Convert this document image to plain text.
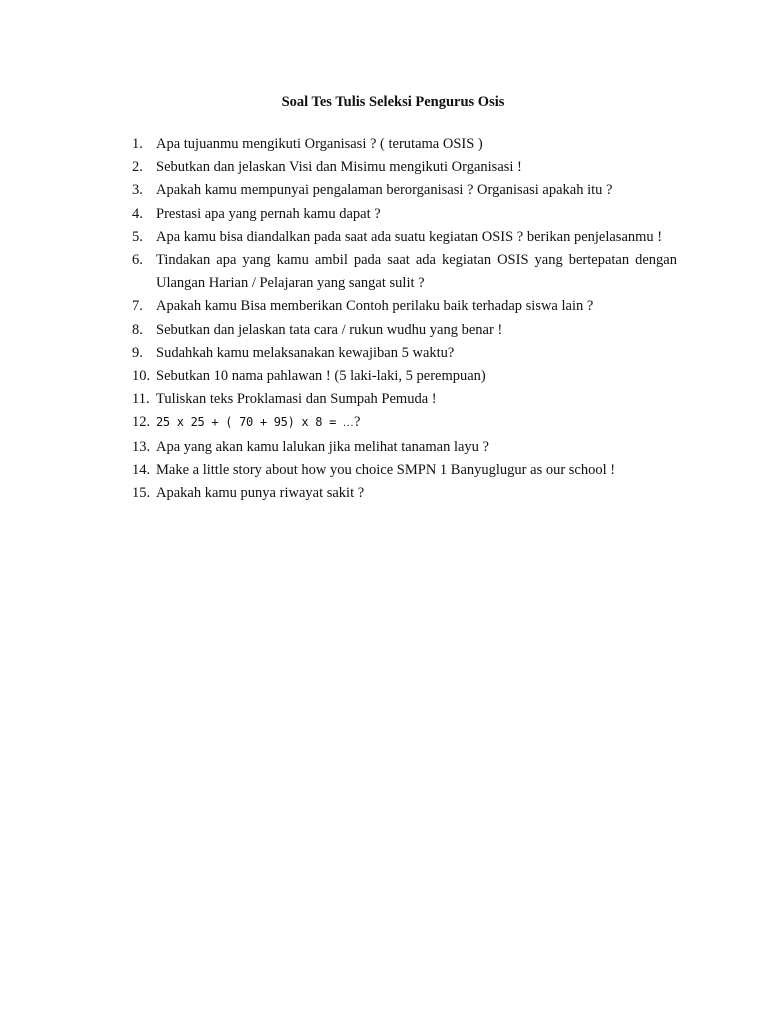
Soal Tes Tulis Seleksi Pengurus Osis
1. Apa tujuanmu mengikuti Organisasi ? ( terutama OSIS )
2. Sebutkan dan jelaskan Visi dan Misimu mengikuti Organisasi !
3. Apakah kamu mempunyai pengalaman berorganisasi ? Organisasi apakah itu ?
4. Prestasi apa yang pernah kamu dapat ?
5. Apa kamu bisa diandalkan pada saat ada suatu kegiatan OSIS ? berikan penjelasanmu !
6. Tindakan apa yang kamu ambil pada saat ada kegiatan OSIS yang bertepatan dengan Ulangan Harian / Pelajaran yang sangat sulit ?
7. Apakah kamu Bisa memberikan Contoh perilaku baik terhadap siswa lain ?
8. Sebutkan dan jelaskan tata cara / rukun wudhu yang benar !
9. Sudahkah kamu melaksanakan kewajiban 5 waktu?
10. Sebutkan 10 nama pahlawan ! (5 laki-laki, 5 perempuan)
11. Tuliskan teks Proklamasi dan Sumpah Pemuda !
12. 25 x 25 + ( 70 + 95) x 8 = ...?
13. Apa yang akan kamu lalukan jika melihat tanaman layu ?
14. Make a little story about how you choice SMPN 1 Banyuglugur as our school !
15. Apakah kamu punya riwayat sakit ?
